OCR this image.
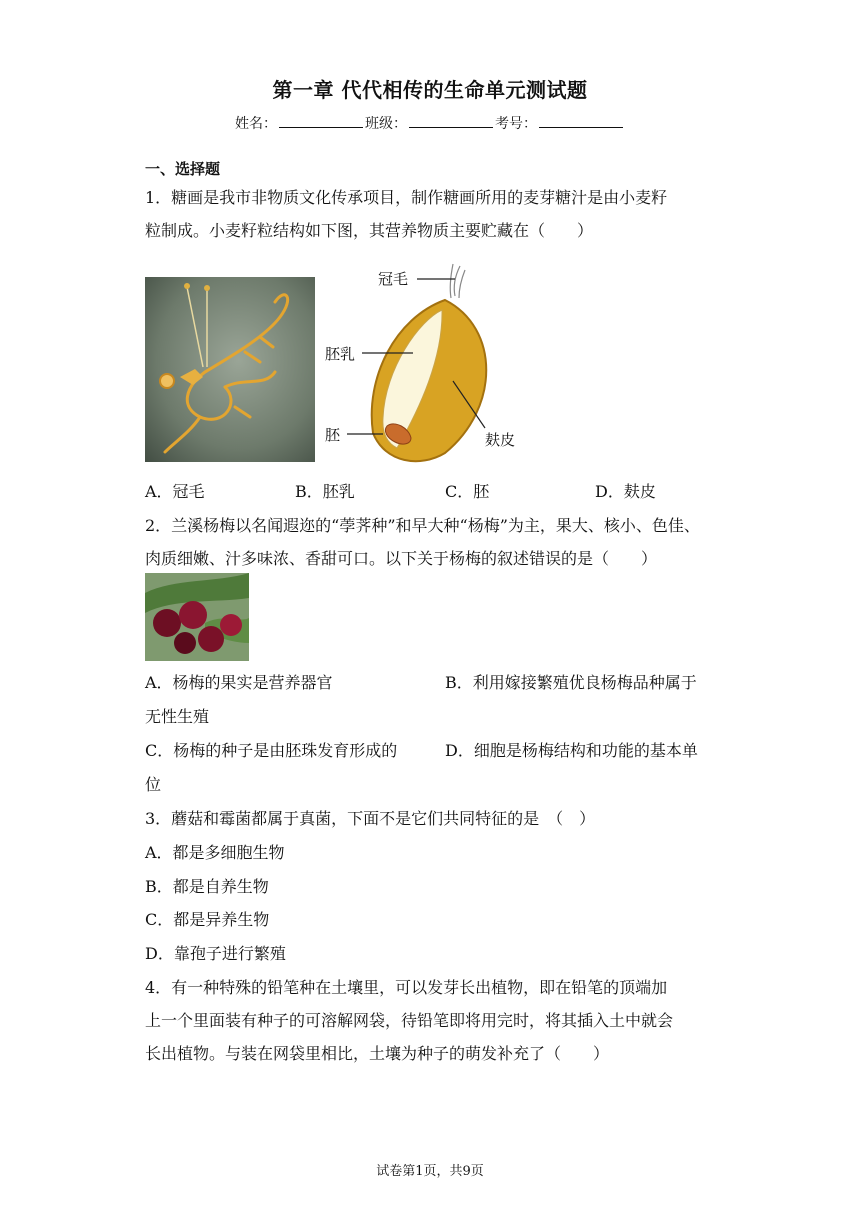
第一章 代代相传的生命单元测试题
姓名：	班级：	考号：
一、选择题
1．糖画是我市非物质文化传承项目，制作糖画所用的麦芽糖汁是由小麦籽
粒制成。小麦籽粒结构如下图，其营养物质主要贮藏在（　　）
冠毛
胚乳
胚	麸皮
A．冠毛	B．胚乳	C．胚	D．麸皮
2．兰溪杨梅以名闻遐迩的“荸荠种”和早大种“杨梅”为主，果大、核小、色佳、
肉质细嫩、汁多味浓、香甜可口。以下关于杨梅的叙述错误的是（　　）
A．杨梅的果实是营养器官	B．利用嫁接繁殖优良杨梅品种属于
无性生殖
C．杨梅的种子是由胚珠发育形成的	D．细胞是杨梅结构和功能的基本单
位
3．蘑菇和霉菌都属于真菌，下面不是它们共同特征的是　（　）
A．都是多细胞生物
B．都是自养生物
C．都是异养生物
D．靠孢子进行繁殖
4．有一种特殊的铅笔种在土壤里，可以发芽长出植物，即在铅笔的顶端加
上一个里面装有种子的可溶解网袋，待铅笔即将用完时，将其插入土中就会
长出植物。与装在网袋里相比，土壤为种子的萌发补充了（　　）
试卷第1页，共9页
